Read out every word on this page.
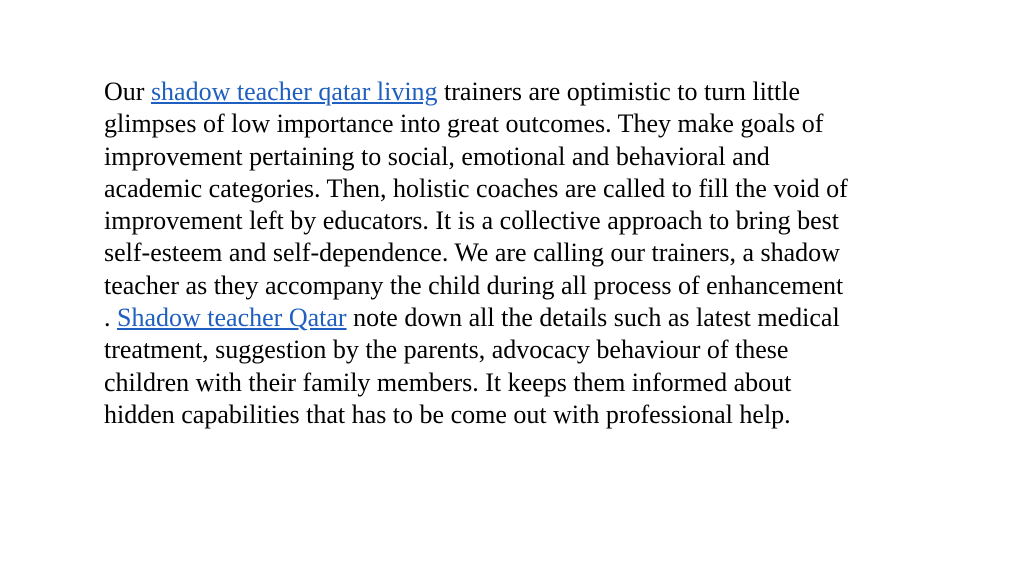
Our shadow teacher qatar living trainers are optimistic to turn little
glimpses of low importance into great outcomes. They make goals of
improvement pertaining to social, emotional and behavioral and
academic categories. Then, holistic coaches are called to fill the void of
improvement left by educators. It is a collective approach to bring best
self-esteem and self-dependence. We are calling our trainers, a shadow
teacher as they accompany the child during all process of enhancement
. Shadow teacher Qatar note down all the details such as latest medical
treatment, suggestion by the parents, advocacy behaviour of these
children with their family members. It keeps them informed about
hidden capabilities that has to be come out with professional help.
